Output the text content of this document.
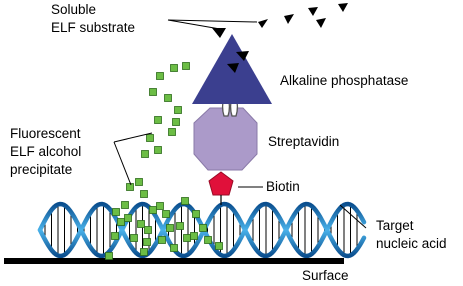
Soluble
ELF substrate
Alkaline phosphatase
Streptavidin
Biotin
Fluorescent
ELF alcohol
precipitate
Target
nucleic acid
Surface
